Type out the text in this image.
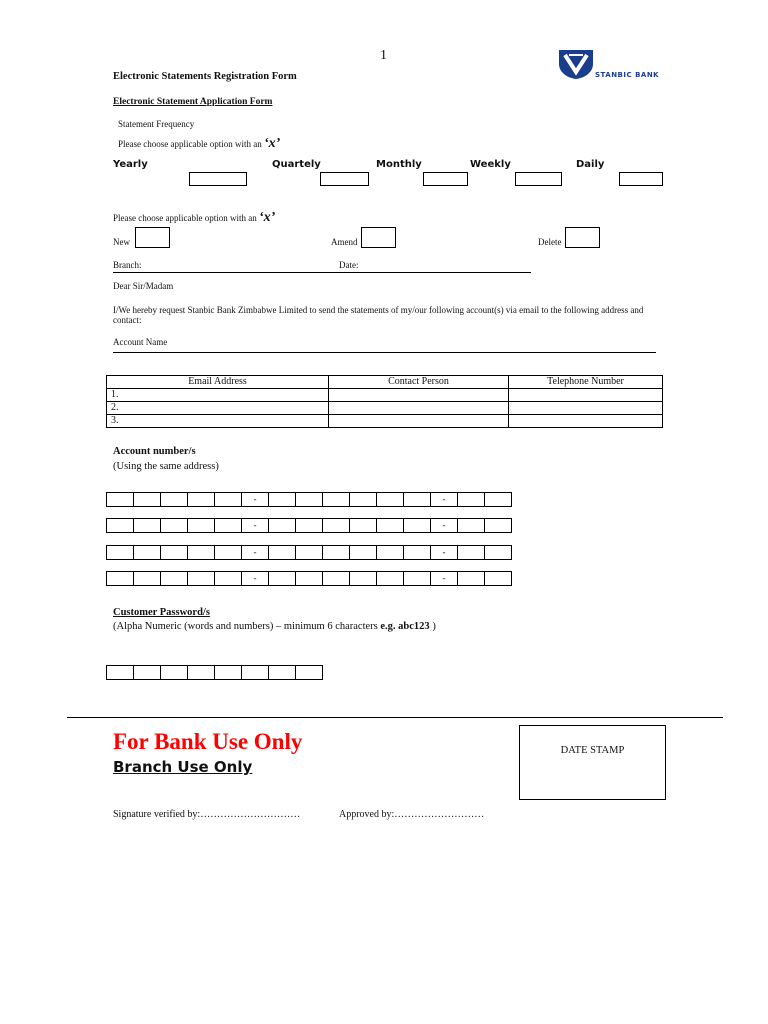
1
STANBIC BANK
Electronic Statements Registration Form
Electronic Statement Application Form
Statement Frequency
Please choose applicable option with an ‘x’
Yearly	Quartely	Monthly	Weekly	Daily
Please choose applicable option with an ‘x’
New	Amend	Delete
Branch:	Date:
Dear Sir/Madam
I/We hereby request Stanbic Bank Zimbabwe Limited to send the statements of my/our following account(s) via email to the following address and contact:
Account Name
Email Address	Contact Person	Telephone Number
1.		
2.		
3.		
Account number/s
(Using the same address)
					-							-		
					-							-		
					-							-		
					-							-		
Customer Password/s
(Alpha Numeric (words and numbers) – minimum 6 characters e.g. abc123 )

For Bank Use Only
Branch Use Only
DATE STAMP
Signature verified by:…………………………	Approved by:………………………
